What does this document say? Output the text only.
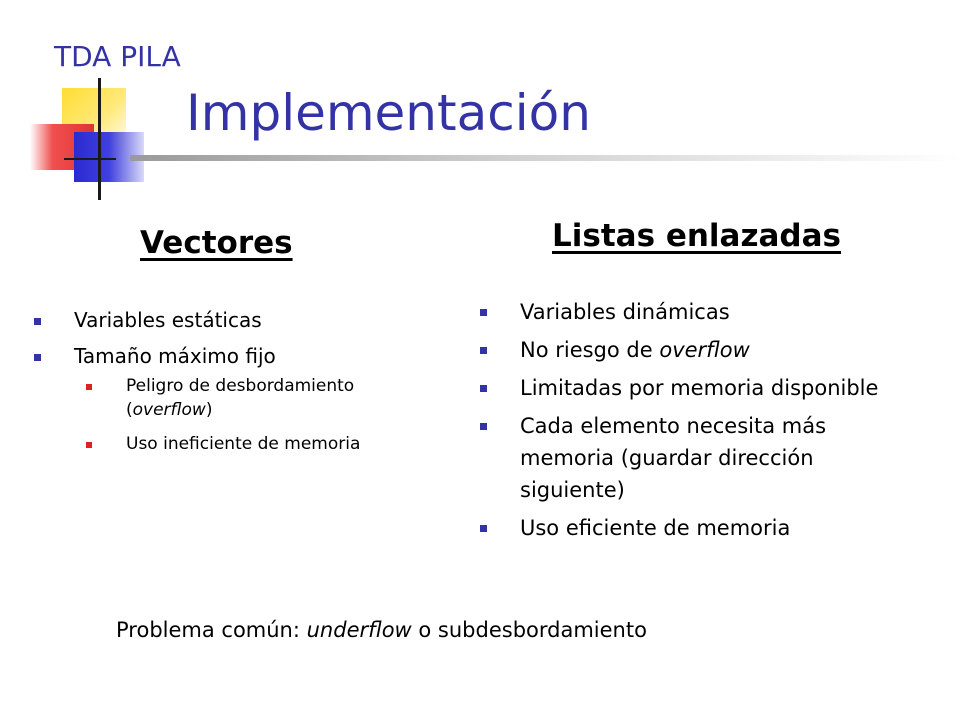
TDA PILA
Implementación
Vectores
Variables estáticas
Tamaño máximo fijo
Peligro de desbordamiento (overflow)
Uso ineficiente de memoria
Listas enlazadas
Variables dinámicas
No riesgo de overflow
Limitadas por memoria disponible
Cada elemento necesita más memoria (guardar dirección siguiente)
Uso eficiente de memoria
Problema común: underflow o subdesbordamiento
